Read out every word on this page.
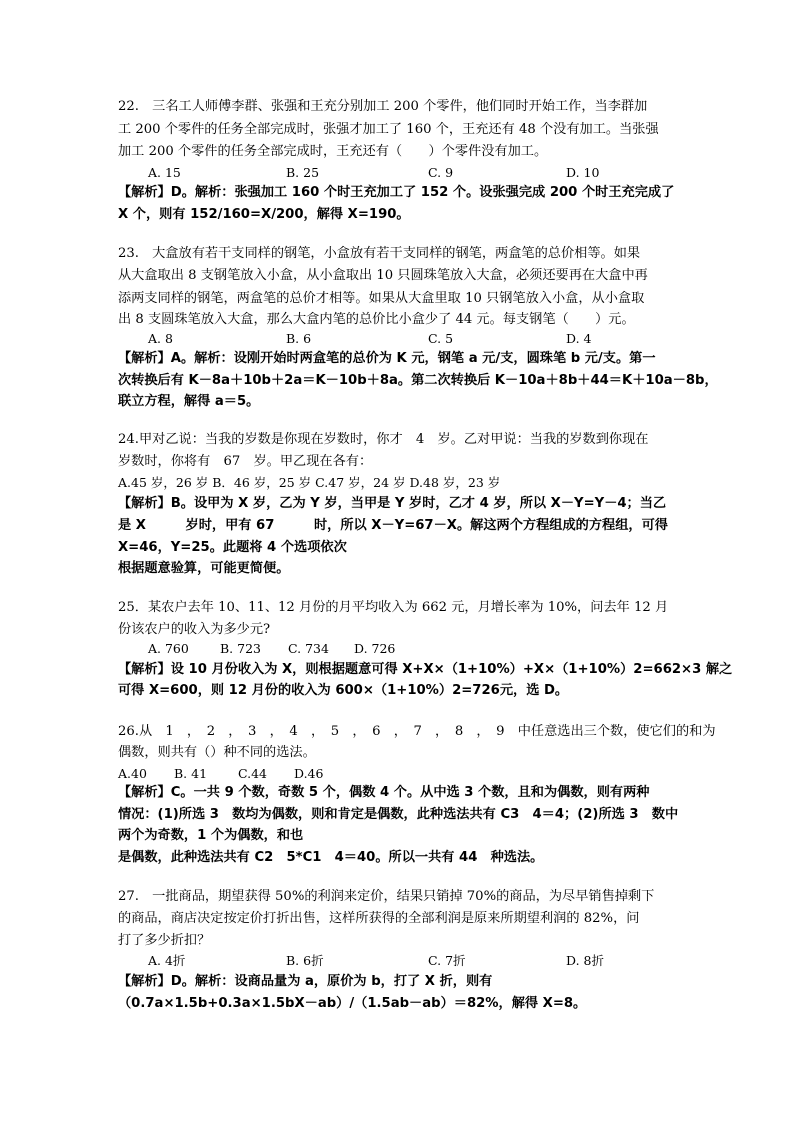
22.　三名工人师傅李群、张强和王充分别加工 200 个零件，他们同时开始工作，当李群加
工 200 个零件的任务全部完成时，张强才加工了 160 个，王充还有 48 个没有加工。当张强
加工 200 个零件的任务全部完成时，王充还有（　　）个零件没有加工。
A. 15	B. 25	C. 9	D. 10
【解析】D。解析：张强加工 160 个时王充加工了 152 个。设张强完成 200 个时王充完成了
X 个，则有 152/160=X/200，解得 X=190。
23.　大盒放有若干支同样的钢笔，小盒放有若干支同样的钢笔，两盒笔的总价相等。如果
从大盒取出 8 支钢笔放入小盒，从小盒取出 10 只圆珠笔放入大盒，必须还要再在大盒中再
添两支同样的钢笔，两盒笔的总价才相等。如果从大盒里取 10 只钢笔放入小盒，从小盒取
出 8 支圆珠笔放入大盒，那么大盒内笔的总价比小盒少了 44 元。每支钢笔（　　）元。
A. 8	B. 6	C. 5	D. 4
【解析】A。解析：设刚开始时两盒笔的总价为 K 元，钢笔 a 元/支，圆珠笔 b 元/支。第一
次转换后有 K－8a＋10b＋2a＝K－10b＋8a。第二次转换后 K－10a＋8b＋44＝K＋10a－8b，
联立方程，解得 a＝5。
24.甲对乙说：当我的岁数是你现在岁数时，你才　4　岁。乙对甲说：当我的岁数到你现在
岁数时，你将有　67　岁。甲乙现在各有：
A.45 岁，26 岁 B．46 岁，25 岁 C.47 岁，24 岁 D.48 岁，23 岁
【解析】B。设甲为 X 岁，乙为 Y 岁，当甲是 Y 岁时，乙才 4 岁，所以 X－Y=Y－4；当乙
是 X　　　岁时，甲有 67　　　时，所以 X－Y=67－X。解这两个方程组成的方程组，可得
X=46，Y=25。此题将 4 个选项依次
根据题意验算，可能更简便。
25．某农户去年 10、11、12 月份的月平均收入为 662 元，月增长率为 10%，问去年 12 月
份该农户的收入为多少元?
A. 760 B. 723 C. 734 D. 726
【解析】设 10 月份收入为 X，则根据题意可得 X+X×（1+10%）+X×（1+10%）2=662×3 解之
可得 X=600，则 12 月份的收入为 600×（1+10%）2=726元，选 D。
26.从　1　，　2　，　3　，　4　，　5　，　6　，　7　，　8　，　9　中任意选出三个数，使它们的和为
偶数，则共有（）种不同的选法。
A.40 B. 41 C.44 D.46
【解析】C。一共 9 个数，奇数 5 个，偶数 4 个。从中选 3 个数，且和为偶数，则有两种
情况：(1)所选 3　数均为偶数，则和肯定是偶数，此种选法共有 C3　4＝4；(2)所选 3　数中
两个为奇数，1 个为偶数，和也
是偶数，此种选法共有 C2　5*C1　4＝40。所以一共有 44　种选法。
27.　一批商品，期望获得 50%的利润来定价，结果只销掉 70%的商品，为尽早销售掉剩下
的商品，商店决定按定价打折出售，这样所获得的全部利润是原来所期望利润的 82%，问
打了多少折扣？
A. 4折	B. 6折	C. 7折	D. 8折
【解析】D。解析：设商品量为 a，原价为 b，打了 X 折，则有
（0.7a×1.5b+0.3a×1.5bX－ab）/（1.5ab－ab）＝82%，解得 X=8。
